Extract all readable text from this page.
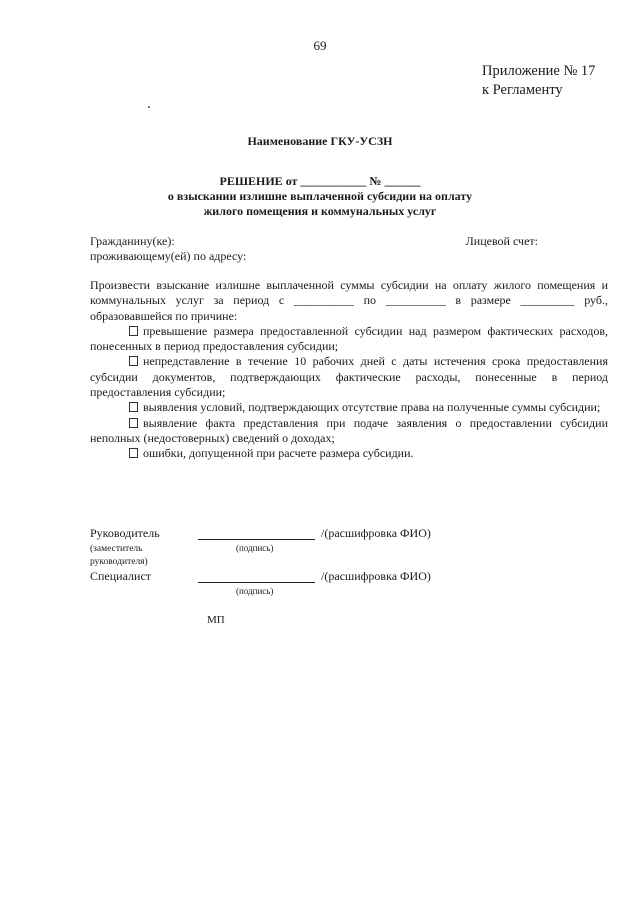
69
Приложение № 17
к Регламенту
Наименование ГКУ-УСЗН
РЕШЕНИЕ от ___________ № ______
о взыскании излишне выплаченной субсидии на оплату
жилого помещения и коммунальных услуг
Гражданину(ке):	Лицевой счет:
проживающему(ей) по адресу:

Произвести взыскание излишне выплаченной суммы субсидии на оплату жилого помещения и коммунальных услуг за период с __________ по __________ в размере _________ руб., образовавшейся по причине:

превышение размера предоставленной субсидии над размером фактических расходов, понесенных в период предоставления субсидии;

непредставление в течение 10 рабочих дней с даты истечения срока предоставления субсидии документов, подтверждающих фактические расходы, понесенные в период предоставления субсидии;

выявления условий, подтверждающих отсутствие права на полученные суммы субсидии;

выявление факта представления при подаче заявления о предоставлении субсидии неполных (недостоверных) сведений о доходах;

ошибки, допущенной при расчете размера субсидии.

Руководитель	/(расшифровка ФИО)
(заместитель	(подпись)
руководителя)
Специалист	/(расшифровка ФИО)
(подпись)
МП
